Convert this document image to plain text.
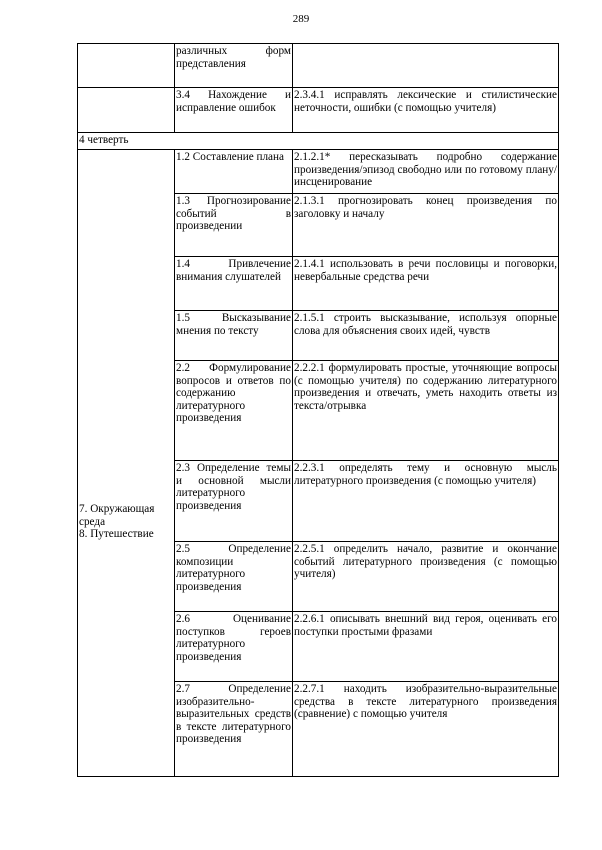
289
	различных форм представления	
	3.4 Нахождение и исправление ошибок	2.3.4.1 исправлять лексические и стилистические неточности, ошибки (с помощью учителя)
4 четверть		

7. Окружающая среда
8. Путешествие	1.2 Составление плана	2.1.2.1* пересказывать подробно содержание произведения/эпизод свободно или по готовому плану/инсценирование
	1.3 Прогнозирование событий в произведении	2.1.3.1 прогнозировать конец произведения по заголовку и началу
	1.4 Привлечение внимания слушателей	2.1.4.1 использовать в речи пословицы и поговорки, невербальные средства речи
	1.5 Высказывание мнения по тексту	2.1.5.1 строить высказывание, используя опорные слова для объяснения своих идей, чувств
	2.2 Формулирование вопросов и ответов по содержанию литературного произведения	2.2.2.1 формулировать простые, уточняющие вопросы (с помощью учителя) по содержанию литературного произведения и отвечать, уметь находить ответы из текста/отрывка
	2.3 Определение темы и основной мысли литературного произведения	2.2.3.1 определять тему и основную мысль литературного произведения (с помощью учителя)
	2.5 Определение композиции литературного произведения	2.2.5.1 определить начало, развитие и окончание событий литературного произведения (с помощью учителя)
	2.6 Оценивание поступков героев литературного произведения	2.2.6.1 описывать внешний вид героя, оценивать его поступки простыми фразами
	2.7 Определение изобразительно-выразительных средств в тексте литературного произведения	2.2.7.1 находить изобразительно-выразительные средства в тексте литературного произведения (сравнение) с помощью учителя
